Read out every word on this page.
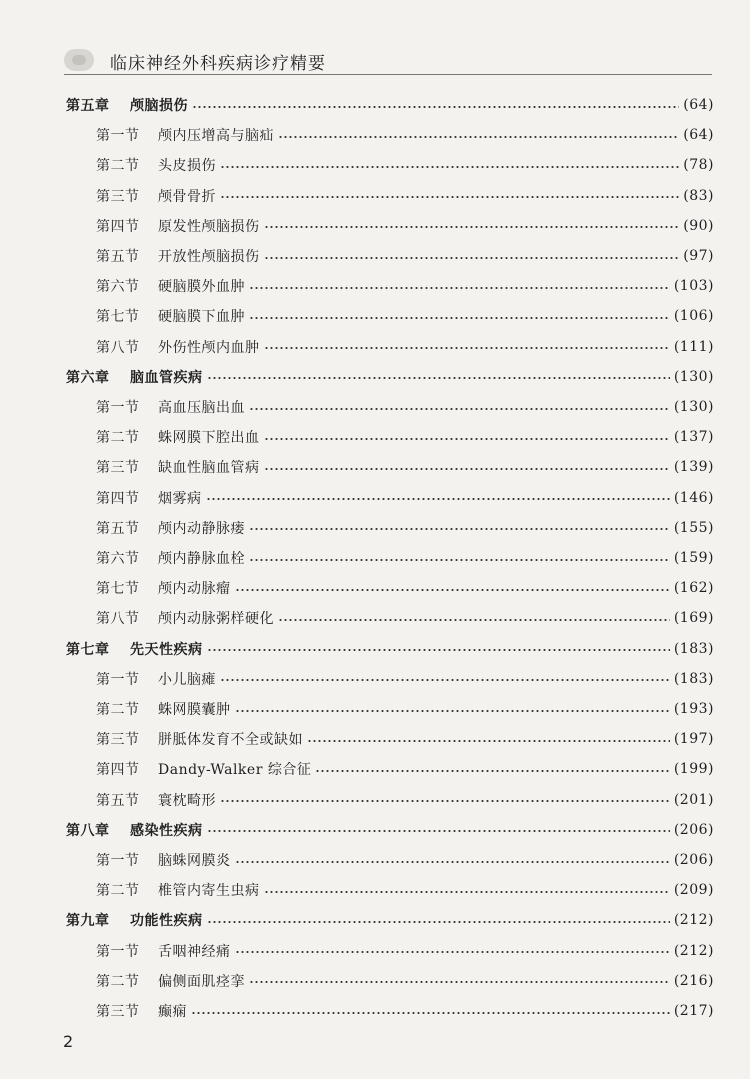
临床神经外科疾病诊疗精要
第五章	颅脑损伤	(64)
第一节	颅内压增高与脑疝	(64)
第二节	头皮损伤	(78)
第三节	颅骨骨折	(83)
第四节	原发性颅脑损伤	(90)
第五节	开放性颅脑损伤	(97)
第六节	硬脑膜外血肿	(103)
第七节	硬脑膜下血肿	(106)
第八节	外伤性颅内血肿	(111)
第六章	脑血管疾病	(130)
第一节	高血压脑出血	(130)
第二节	蛛网膜下腔出血	(137)
第三节	缺血性脑血管病	(139)
第四节	烟雾病	(146)
第五节	颅内动静脉瘘	(155)
第六节	颅内静脉血栓	(159)
第七节	颅内动脉瘤	(162)
第八节	颅内动脉粥样硬化	(169)
第七章	先天性疾病	(183)
第一节	小儿脑瘫	(183)
第二节	蛛网膜囊肿	(193)
第三节	胼胝体发育不全或缺如	(197)
第四节	Dandy-Walker 综合征	(199)
第五节	寰枕畸形	(201)
第八章	感染性疾病	(206)
第一节	脑蛛网膜炎	(206)
第二节	椎管内寄生虫病	(209)
第九章	功能性疾病	(212)
第一节	舌咽神经痛	(212)
第二节	偏侧面肌痉挛	(216)
第三节	癫痫	(217)
2
